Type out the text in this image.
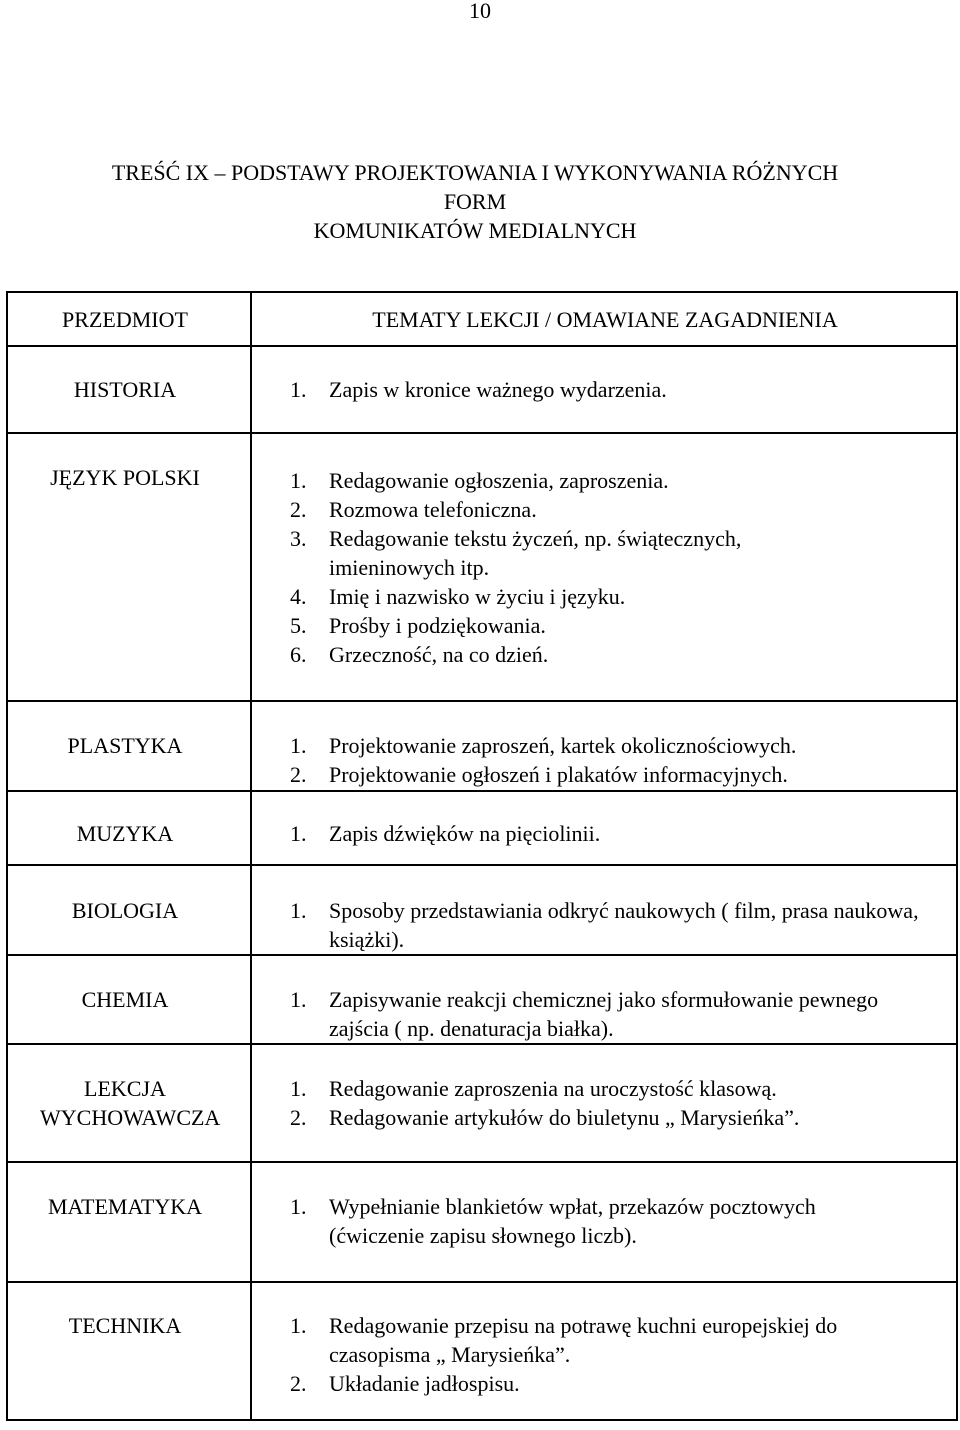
10
TREŚĆ IX – PODSTAWY PROJEKTOWANIA I WYKONYWANIA RÓŻNYCH
FORM
KOMUNIKATÓW MEDIALNYCH
PRZEDMIOT	TEMATY LEKCJI / OMAWIANE ZAGADNIENIA
HISTORIA	1. Zapis w kronice ważnego wydarzenia.
JĘZYK POLSKI	1. Redagowanie ogłoszenia, zaproszenia.
2. Rozmowa telefoniczna.
3. Redagowanie tekstu życzeń, np. świątecznych, imieninowych itp.
4. Imię i nazwisko w życiu i języku.
5. Prośby i podziękowania.
6. Grzeczność, na co dzień.
PLASTYKA	1. Projektowanie zaproszeń, kartek okolicznościowych.
2. Projektowanie ogłoszeń i plakatów informacyjnych.
MUZYKA	1. Zapis dźwięków na pięciolinii.
BIOLOGIA	1. Sposoby przedstawiania odkryć naukowych ( film, prasa naukowa, książki).
CHEMIA	1. Zapisywanie reakcji chemicznej jako sformułowanie pewnego zajścia ( np. denaturacja białka).
LEKCJA WYCHOWAWCZA
1. Redagowanie zaproszenia na uroczystość klasową.
2. Redagowanie artykułów do biuletynu „ Marysieńka”.
MATEMATYKA	1. Wypełnianie blankietów wpłat, przekazów pocztowych (ćwiczenie zapisu słownego liczb).
TECHNIKA	1. Redagowanie przepisu na potrawę kuchni europejskiej do czasopisma „ Marysieńka”.
2. Układanie jadłospisu.
